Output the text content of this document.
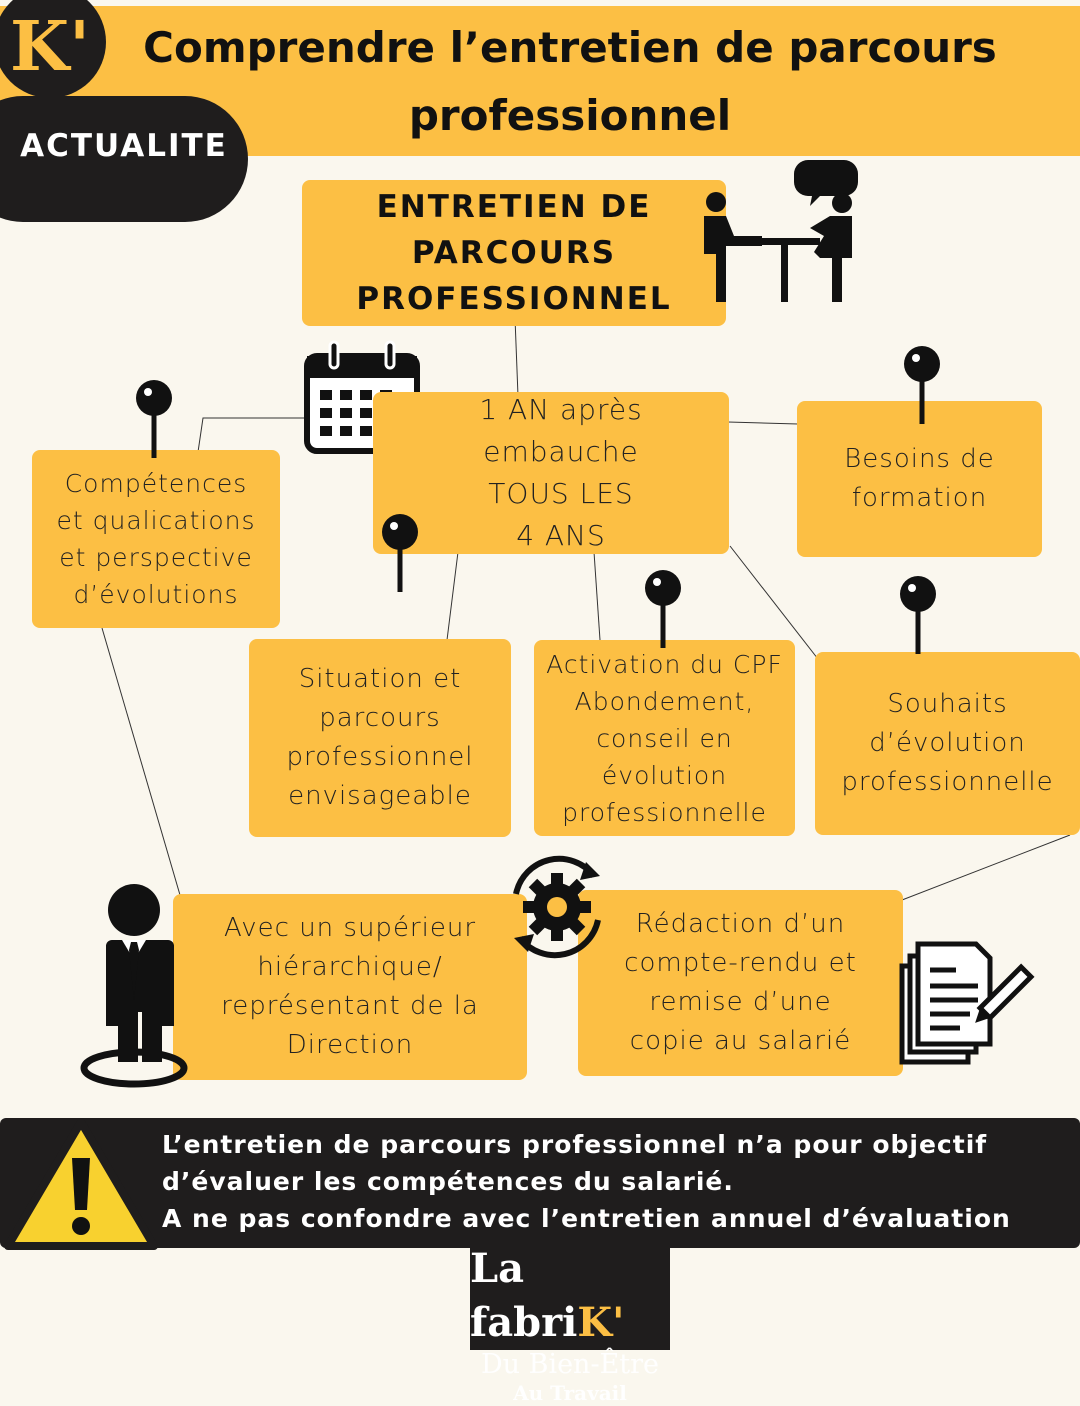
Comprendre l’entretien de parcours professionnel
K'
ACTUALITE
ENTRETIEN DE
PARCOURS
PROFESSIONNEL
1 AN après
embauche
TOUS LES
4 ANS
Compétences
et qualications
et perspective
d’évolutions
Besoins de
formation
Situation et
parcours
professionnel
envisageable
Activation du CPF
Abondement,
conseil en
évolution
professionnelle
Souhaits
d’évolution
professionnelle
Avec un supérieur
hiérarchique/
représentant de la
Direction
Rédaction d’un
compte-rendu et
remise d’une
copie au salarié
L’entretien de parcours professionnel n’a pour objectif
d’évaluer les compétences du salarié.
A ne pas confondre avec l’entretien annuel d’évaluation
La fabriK'
Du Bien-Être
Au Travail
